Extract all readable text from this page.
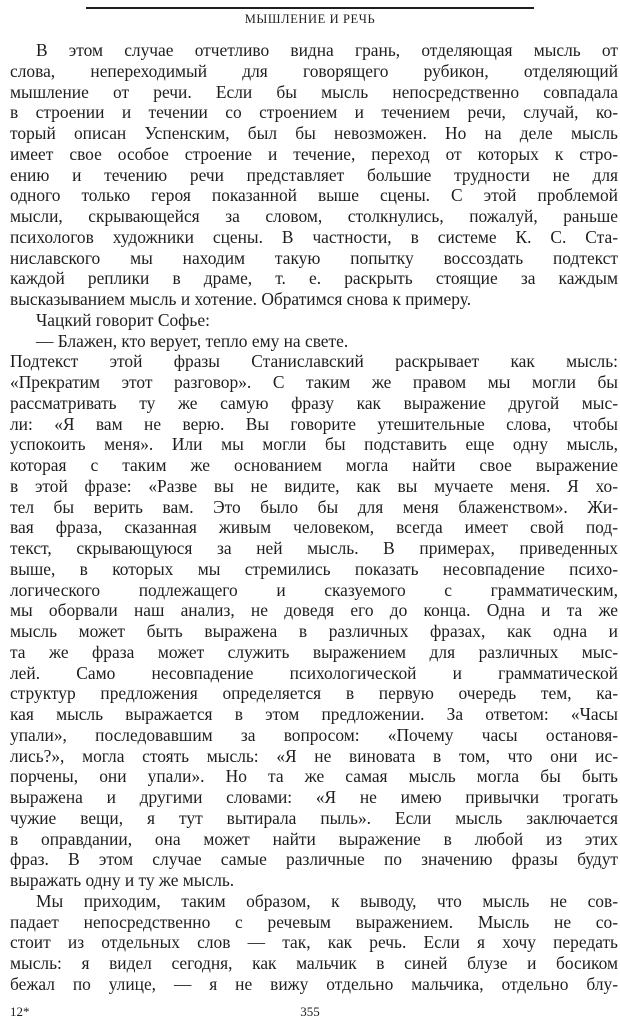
МЫШЛЕНИЕ И РЕЧЬ
В этом случае отчетливо видна грань, отделяющая мысль от
слова, непереходимый для говорящего рубикон, отделяющий
мышление от речи. Если бы мысль непосредственно совпадала
в строении и течении со строением и течением речи, случай, ко-
торый описан Успенским, был бы невозможен. Но на деле мысль
имеет свое особое строение и течение, переход от которых к стро-
ению и течению речи представляет большие трудности не для
одного только героя показанной выше сцены. С этой проблемой
мысли, скрывающейся за словом, столкнулись, пожалуй, раньше
психологов художники сцены. В частности, в системе К. С. Ста-
ниславского мы находим такую попытку воссоздать подтекст
каждой реплики в драме, т. е. раскрыть стоящие за каждым
высказыванием мысль и хотение. Обратимся снова к примеру.
Чацкий говорит Софье:
— Блажен, кто верует, тепло ему на свете.
Подтекст этой фразы Станиславский раскрывает как мысль:
«Прекратим этот разговор». С таким же правом мы могли бы
рассматривать ту же самую фразу как выражение другой мыс-
ли: «Я вам не верю. Вы говорите утешительные слова, чтобы
успокоить меня». Или мы могли бы подставить еще одну мысль,
которая с таким же основанием могла найти свое выражение
в этой фразе: «Разве вы не видите, как вы мучаете меня. Я хо-
тел бы верить вам. Это было бы для меня блаженством». Жи-
вая фраза, сказанная живым человеком, всегда имеет свой под-
текст, скрывающуюся за ней мысль. В примерах, приведенных
выше, в которых мы стремились показать несовпадение психо-
логического подлежащего и сказуемого с грамматическим,
мы оборвали наш анализ, не доведя его до конца. Одна и та же
мысль может быть выражена в различных фразах, как одна и
та же фраза может служить выражением для различных мыс-
лей. Само несовпадение психологической и грамматической
структур предложения определяется в первую очередь тем, ка-
кая мысль выражается в этом предложении. За ответом: «Часы
упали», последовавшим за вопросом: «Почему часы остановя-
лись?», могла стоять мысль: «Я не виновата в том, что они ис-
порчены, они упали». Но та же самая мысль могла бы быть
выражена и другими словами: «Я не имею привычки трогать
чужие вещи, я тут вытирала пыль». Если мысль заключается
в оправдании, она может найти выражение в любой из этих
фраз. В этом случае самые различные по значению фразы будут
выражать одну и ту же мысль.
Мы приходим, таким образом, к выводу, что мысль не сов-
падает непосредственно с речевым выражением. Мысль не со-
стоит из отдельных слов — так, как речь. Если я хочу передать
мысль: я видел сегодня, как мальчик в синей блузе и босиком
бежал по улице, — я не вижу отдельно мальчика, отдельно блу-
12*	355
